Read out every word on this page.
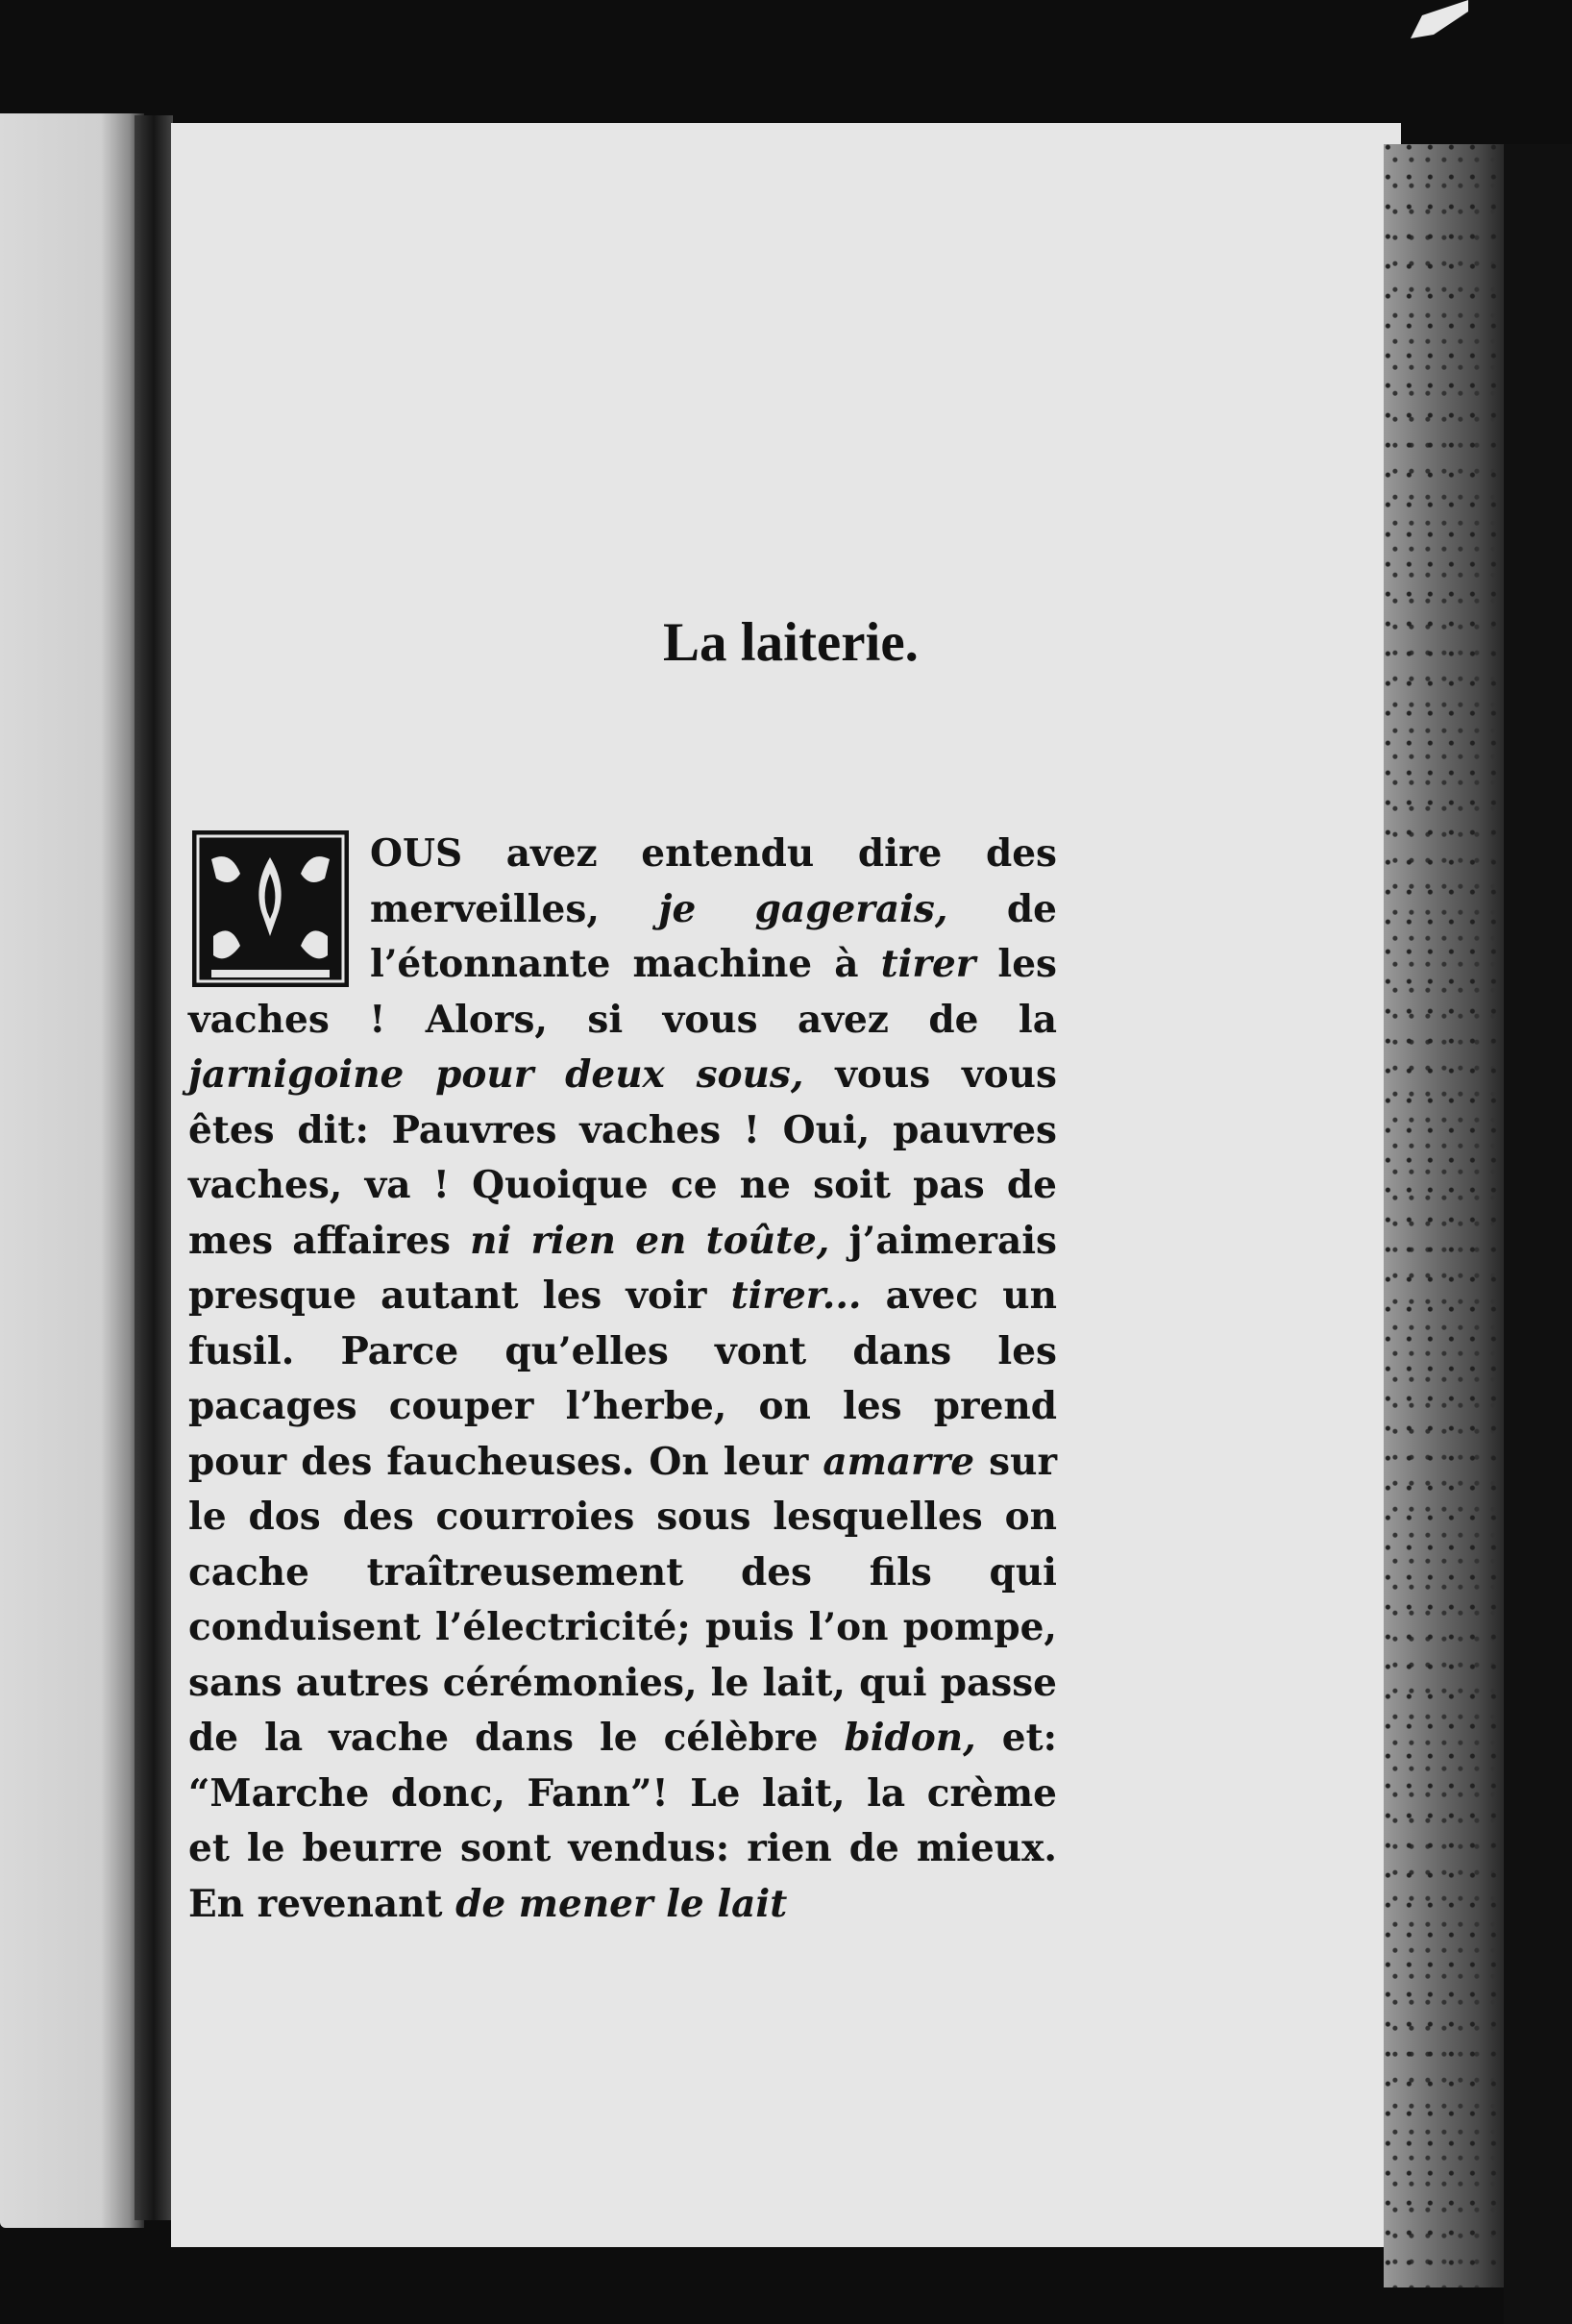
La laiterie.

OUS avez entendu dire des merveilles, je gagerais, de l’étonnante machine à tirer les vaches ! Alors, si vous avez de la jarnigoine pour deux sous, vous vous êtes dit: Pauvres vaches ! Oui, pauvres vaches, va ! Quoique ce ne soit pas de mes affaires ni rien en toûte, j’aimerais presque autant les voir tirer... avec un fusil. Parce qu’elles vont dans les pacages couper l’herbe, on les prend pour des faucheuses. On leur amarre sur le dos des courroies sous lesquelles on cache traîtreusement des fils qui conduisent l’électricité; puis l’on pompe, sans autres cérémonies, le lait, qui passe de la vache dans le célèbre bidon, et: “Marche donc, Fann”! Le lait, la crème et le beurre sont vendus: rien de mieux. En revenant de mener le lait
